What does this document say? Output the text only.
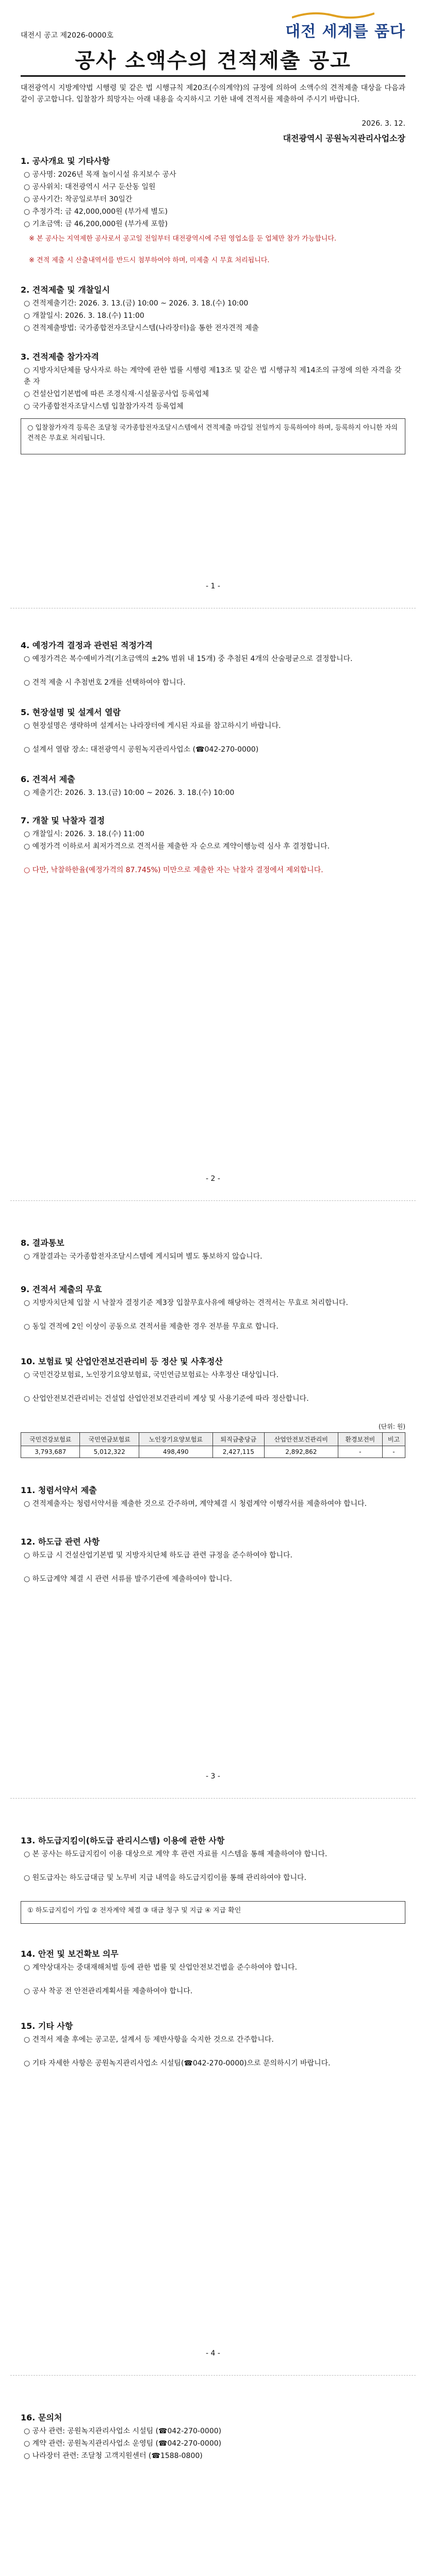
대전 세계를 품다
대전시 공고 제2026-0000호
공사 소액수의 견적제출 공고
대전광역시 지방계약법 시행령 및 같은 법 시행규칙 제20조(수의계약)의 규정에 의하여 소액수의 견적제출 대상을 다음과 같이 공고합니다. 입찰참가 희망자는 아래 내용을 숙지하시고 기한 내에 견적서를 제출하여 주시기 바랍니다.
2026. 3. 12.
대전광역시 공원녹지관리사업소장
1. 공사개요 및 기타사항
○ 공사명: 2026년 목재 놀이시설 유지보수 공사
○ 공사위치: 대전광역시 서구 둔산동 일원
○ 공사기간: 착공일로부터 30일간
○ 추정가격: 금 42,000,000원 (부가세 별도)
○ 기초금액: 금 46,200,000원 (부가세 포함)
※ 본 공사는 지역제한 공사로서 공고일 전일부터 대전광역시에 주된 영업소를 둔 업체만 참가 가능합니다.
※ 견적 제출 시 산출내역서를 반드시 첨부하여야 하며, 미제출 시 무효 처리됩니다.
2. 견적제출 및 개찰일시
○ 견적제출기간: 2026. 3. 13.(금) 10:00 ~ 2026. 3. 18.(수) 10:00
○ 개찰일시: 2026. 3. 18.(수) 11:00
○ 견적제출방법: 국가종합전자조달시스템(나라장터)을 통한 전자견적 제출
3. 견적제출 참가자격
○ 지방자치단체를 당사자로 하는 계약에 관한 법률 시행령 제13조 및 같은 법 시행규칙 제14조의 규정에 의한 자격을 갖춘 자
○ 건설산업기본법에 따른 조경식재·시설물공사업 등록업체
○ 국가종합전자조달시스템 입찰참가자격 등록업체
○ 입찰참가자격 등록은 조달청 국가종합전자조달시스템에서 견적제출 마감일 전일까지 등록하여야 하며, 등록하지 아니한 자의 견적은 무효로 처리됩니다.
- 1 -
4. 예정가격 결정과 관련된 적정가격
○ 예정가격은 복수예비가격(기초금액의 ±2% 범위 내 15개) 중 추첨된 4개의 산술평균으로 결정합니다.
○ 견적 제출 시 추첨번호 2개를 선택하여야 합니다.
5. 현장설명 및 설계서 열람
○ 현장설명은 생략하며 설계서는 나라장터에 게시된 자료를 참고하시기 바랍니다.
○ 설계서 열람 장소: 대전광역시 공원녹지관리사업소 (☎042-270-0000)
6. 견적서 제출
○ 제출기간: 2026. 3. 13.(금) 10:00 ~ 2026. 3. 18.(수) 10:00
7. 개찰 및 낙찰자 결정
○ 개찰일시: 2026. 3. 18.(수) 11:00
○ 예정가격 이하로서 최저가격으로 견적서를 제출한 자 순으로 계약이행능력 심사 후 결정합니다.
○ 다만, 낙찰하한율(예정가격의 87.745%) 미만으로 제출한 자는 낙찰자 결정에서 제외합니다.
- 2 -
8. 결과통보
○ 개찰결과는 국가종합전자조달시스템에 게시되며 별도 통보하지 않습니다.
9. 견적서 제출의 무효
○ 지방자치단체 입찰 시 낙찰자 결정기준 제3장 입찰무효사유에 해당하는 견적서는 무효로 처리합니다.
○ 동일 견적에 2인 이상이 공동으로 견적서를 제출한 경우 전부를 무효로 합니다.
10. 보험료 및 산업안전보건관리비 등 정산 및 사후정산
○ 국민건강보험료, 노인장기요양보험료, 국민연금보험료는 사후정산 대상입니다.
○ 산업안전보건관리비는 건설업 산업안전보건관리비 계상 및 사용기준에 따라 정산합니다.
(단위: 원)
국민건강보험료	국민연금보험료	노인장기요양보험료	퇴직금충당금	산업안전보건관리비	환경보전비	비고
3,793,687	5,012,322	498,490	2,427,115	2,892,862	-	-
11. 청렴서약서 제출
○ 견적제출자는 청렴서약서를 제출한 것으로 간주하며, 계약체결 시 청렴계약 이행각서를 제출하여야 합니다.
12. 하도급 관련 사항
○ 하도급 시 건설산업기본법 및 지방자치단체 하도급 관련 규정을 준수하여야 합니다.
○ 하도급계약 체결 시 관련 서류를 발주기관에 제출하여야 합니다.
- 3 -
13. 하도급지킴이(하도급 관리시스템) 이용에 관한 사항
○ 본 공사는 하도급지킴이 이용 대상으로 계약 후 관련 자료를 시스템을 통해 제출하여야 합니다.
○ 원도급자는 하도급대금 및 노무비 지급 내역을 하도급지킴이를 통해 관리하여야 합니다.
① 하도급지킴이 가입 ② 전자계약 체결 ③ 대금 청구 및 지급 ④ 지급 확인
14. 안전 및 보건확보 의무
○ 계약상대자는 중대재해처벌 등에 관한 법률 및 산업안전보건법을 준수하여야 합니다.
○ 공사 착공 전 안전관리계획서를 제출하여야 합니다.
15. 기타 사항
○ 견적서 제출 후에는 공고문, 설계서 등 제반사항을 숙지한 것으로 간주합니다.
○ 기타 자세한 사항은 공원녹지관리사업소 시설팀(☎042-270-0000)으로 문의하시기 바랍니다.
- 4 -
16. 문의처
○ 공사 관련: 공원녹지관리사업소 시설팀 (☎042-270-0000)
○ 계약 관련: 공원녹지관리사업소 운영팀 (☎042-270-0000)
○ 나라장터 관련: 조달청 고객지원센터 (☎1588-0800)
